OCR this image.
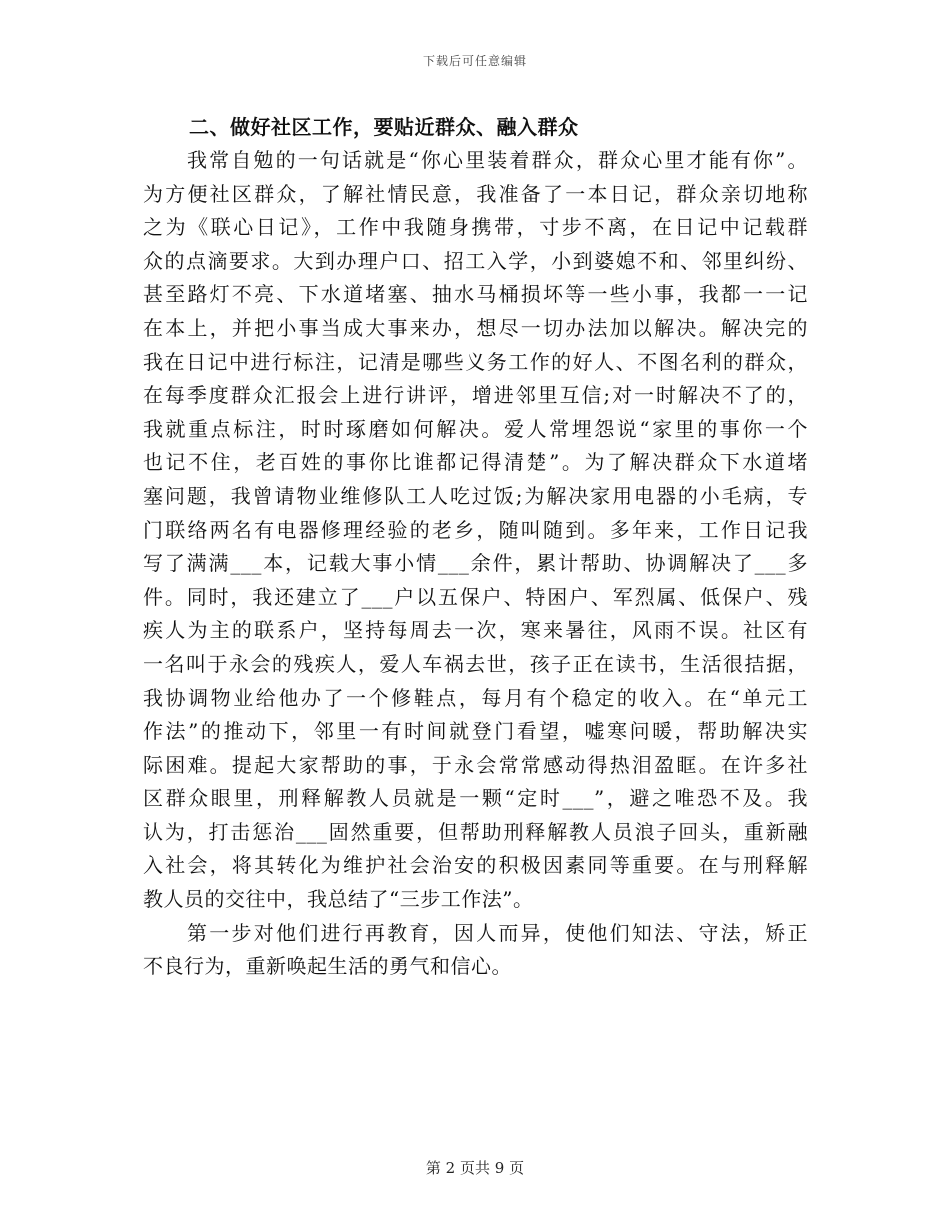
下载后可任意编辑
二、做好社区工作，要贴近群众、融入群众
我常自勉的一句话就是“你心里装着群众，群众心里才能有你”。
为方便社区群众，了解社情民意，我准备了一本日记，群众亲切地称
之为《联心日记》，工作中我随身携带，寸步不离，在日记中记载群
众的点滴要求。大到办理户口、招工入学，小到婆媳不和、邻里纠纷、
甚至路灯不亮、下水道堵塞、抽水马桶损坏等一些小事，我都一一记
在本上，并把小事当成大事来办，想尽一切办法加以解决。解决完的
我在日记中进行标注，记清是哪些义务工作的好人、不图名利的群众，
在每季度群众汇报会上进行讲评，增进邻里互信;对一时解决不了的，
我就重点标注，时时琢磨如何解决。爱人常埋怨说“家里的事你一个
也记不住，老百姓的事你比谁都记得清楚”。为了解决群众下水道堵
塞问题，我曾请物业维修队工人吃过饭;为解决家用电器的小毛病，专
门联络两名有电器修理经验的老乡，随叫随到。多年来，工作日记我
写了满满___本，记载大事小情___余件，累计帮助、协调解决了___多
件。同时，我还建立了___户以五保户、特困户、军烈属、低保户、残
疾人为主的联系户，坚持每周去一次，寒来暑往，风雨不误。社区有
一名叫于永会的残疾人，爱人车祸去世，孩子正在读书，生活很拮据，
我协调物业给他办了一个修鞋点，每月有个稳定的收入。在“单元工
作法”的推动下，邻里一有时间就登门看望，嘘寒问暖，帮助解决实
际困难。提起大家帮助的事，于永会常常感动得热泪盈眶。在许多社
区群众眼里，刑释解教人员就是一颗“定时___”，避之唯恐不及。我
认为，打击惩治___固然重要，但帮助刑释解教人员浪子回头，重新融
入社会，将其转化为维护社会治安的积极因素同等重要。在与刑释解
教人员的交往中，我总结了“三步工作法”。
第一步对他们进行再教育，因人而异，使他们知法、守法，矫正
不良行为，重新唤起生活的勇气和信心。
第 2 页共 9 页
